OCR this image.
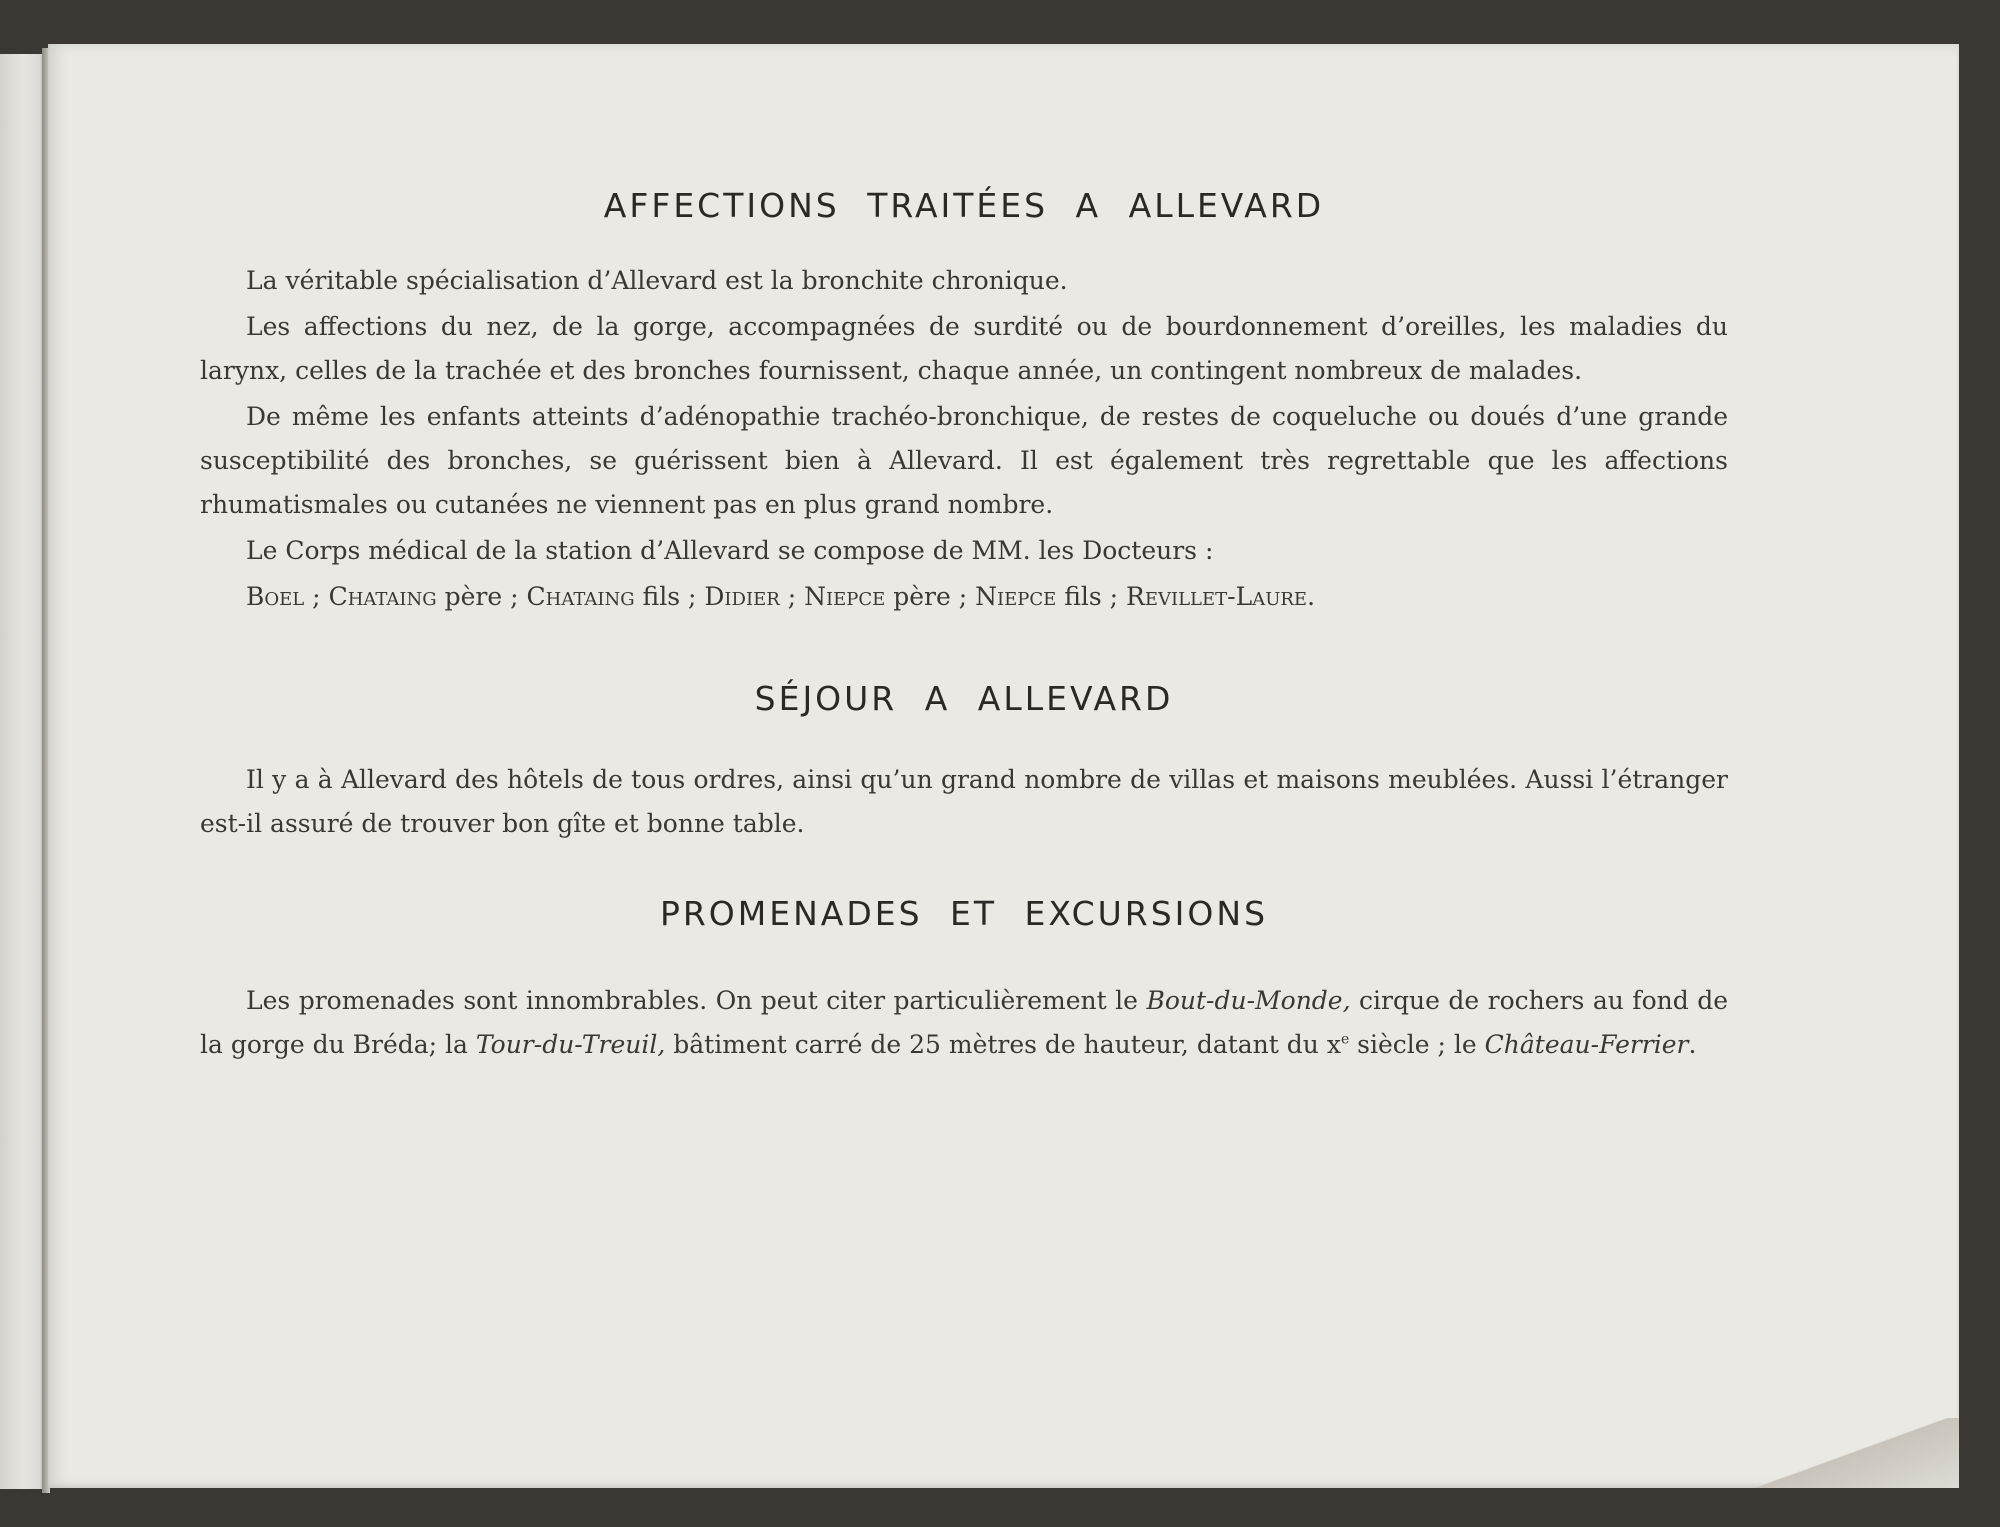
AFFECTIONS TRAITÉES A ALLEVARD

La véritable spécialisation d’Allevard est la bronchite chronique.

Les affections du nez, de la gorge, accompagnées de surdité ou de bourdonnement d’oreilles, les maladies du larynx, celles de la trachée et des bronches fournissent, chaque année, un contingent nombreux de malades.

De même les enfants atteints d’adénopathie trachéo-bronchique, de restes de coqueluche ou doués d’une grande susceptibilité des bronches, se guérissent bien à Allevard. Il est également très regrettable que les affections rhumatismales ou cutanées ne viennent pas en plus grand nombre.

Le Corps médical de la station d’Allevard se compose de MM. les Docteurs :

Boel ; Chataing père ; Chataing fils ; Didier ; Niepce père ; Niepce fils ; Revillet-Laure.

SÉJOUR A ALLEVARD

Il y a à Allevard des hôtels de tous ordres, ainsi qu’un grand nombre de villas et maisons meublées. Aussi l’étranger est-il assuré de trouver bon gîte et bonne table.

PROMENADES ET EXCURSIONS

Les promenades sont innombrables. On peut citer particulièrement le Bout-du-Monde, cirque de rochers au fond de la gorge du Bréda; la Tour-du-Treuil, bâtiment carré de 25 mètres de hauteur, datant du $x^e$ siècle ; le Château-Ferrier.
